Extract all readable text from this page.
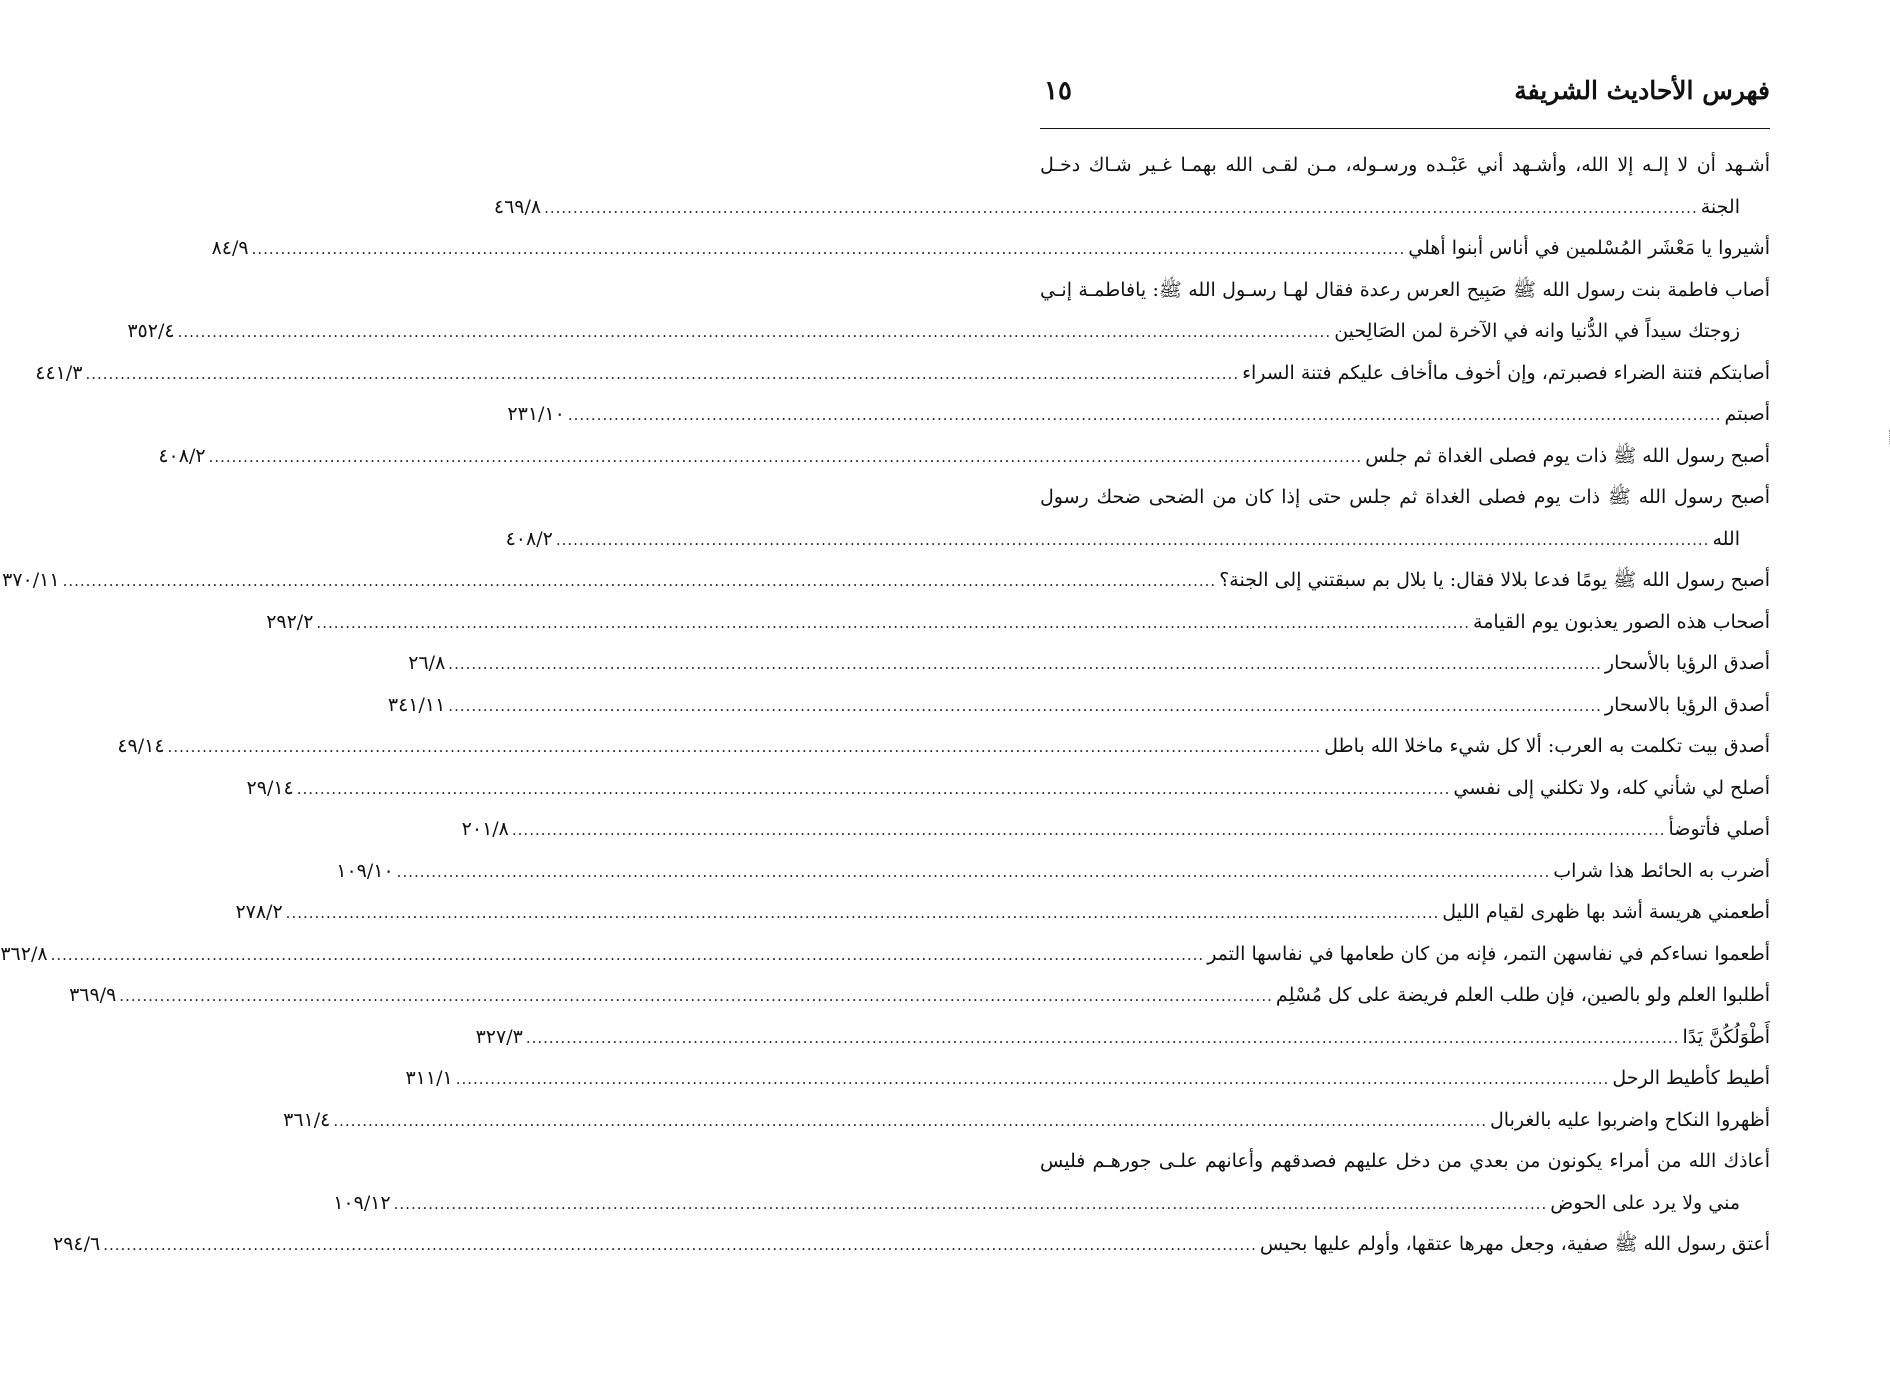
فهرس الأحاديث الشريفة
١٥
أشـهد أن لا إلـه إلا الله، وأشـهد أني عَبْـده ورسـوله، مـن لقـى الله بهمـا غـير شـاك دخـل
الجنة
........................................................................................................................................................................................................
٤٦٩/٨
أشيروا يا مَعْشَر المُسْلمين في أناس أبنوا أهلي
........................................................................................................................................................................................................
٨٤/٩
أصاب فاطمة بنت رسول الله ﷺ صَبِيح العرس رعدة فقال لهـا رسـول الله ﷺ: يافاطمـة إنـي
زوجتك سيداً في الدُّنيا وانه في الآخرة لمن الصَالِحين
........................................................................................................................................................................................................
٣٥٢/٤
أصابتكم فتنة الضراء فصبرتم، وإن أخوف ماأخاف عليكم فتنة السراء
........................................................................................................................................................................................................
٤٤١/٣
أصبتم
........................................................................................................................................................................................................
٢٣١/١٠
أصبح رسول الله ﷺ ذات يوم فصلى الغداة ثم جلس
........................................................................................................................................................................................................
٤٠٨/٢
أصبح رسول الله ﷺ ذات يوم فصلى الغداة ثم جلس حتى إذا كان من الضحى ضحك رسول
الله
........................................................................................................................................................................................................
٤٠٨/٢
أصبح رسول الله ﷺ يومًا فدعا بلالا فقال: يا بلال بم سبقتني إلى الجنة؟
........................................................................................................................................................................................................
٣٧٠/١١
أصحاب هذه الصور يعذبون يوم القيامة
........................................................................................................................................................................................................
٢٩٢/٢
أصدق الرؤيا بالأسحار
........................................................................................................................................................................................................
٢٦/٨
أصدق الرؤيا بالاسحار
........................................................................................................................................................................................................
٣٤١/١١
أصدق بيت تكلمت به العرب: ألا كل شيء ماخلا الله باطل
........................................................................................................................................................................................................
٤٩/١٤
أصلح لي شأني كله، ولا تكلني إلى نفسي
........................................................................................................................................................................................................
٢٩/١٤
أصلي فأتوضأ
........................................................................................................................................................................................................
٢٠١/٨
أضرب به الحائط هذا شراب
........................................................................................................................................................................................................
١٠٩/١٠
أطعمني هريسة أشد بها ظهرى لقيام الليل
........................................................................................................................................................................................................
٢٧٨/٢
أطعموا نساءكم في نفاسهن التمر، فإنه من كان طعامها في نفاسها التمر
........................................................................................................................................................................................................
٣٦٢/٨
أطلبوا العلم ولو بالصين، فإن طلب العلم فريضة على كل مُسْلِم
........................................................................................................................................................................................................
٣٦٩/٩
أَطْوَلُكُنَّ يَدًا
........................................................................................................................................................................................................
٣٢٧/٣
أطيط كأطيط الرحل
........................................................................................................................................................................................................
٣١١/١
أظهروا النكاح واضربوا عليه بالغربال
........................................................................................................................................................................................................
٣٦١/٤
أعاذك الله من أمراء يكونون من بعدي من دخل عليهم فصدقهم وأعانهم علـى جورهـم فليس
مني ولا يرد على الحوض
........................................................................................................................................................................................................
١٠٩/١٢
أعتق رسول الله ﷺ صفية، وجعل مهرها عتقها، وأولم عليها بحيس
........................................................................................................................................................................................................
٢٩٤/٦
